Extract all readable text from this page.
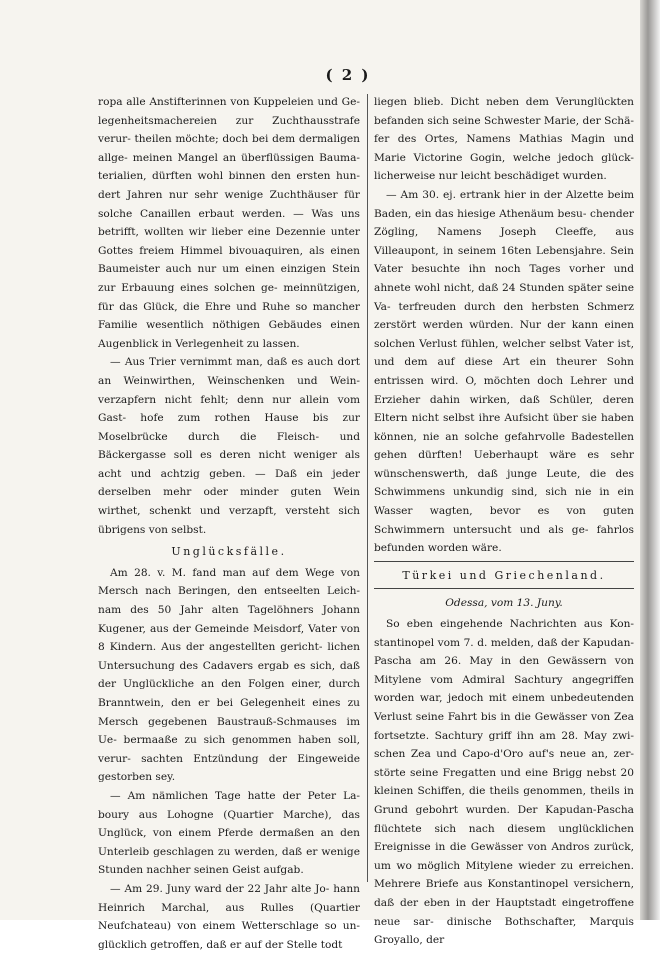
( 2 )

ropa alle Anstifterinnen von Kuppeleien und Ge- legenheitsmachereien zur Zuchthausstrafe verur- theilen möchte; doch bei dem dermaligen allge- meinen Mangel an überflüssigen Bauma- terialien, dürften wohl binnen den ersten hun- dert Jahren nur sehr wenige Zuchthäuser für solche Canaillen erbaut werden. — Was uns betrifft, wollten wir lieber eine Dezennie unter Gottes freiem Himmel bivouaquiren, als einen Baumeister auch nur um einen einzigen Stein zur Erbauung eines solchen ge- meinnützigen, für das Glück, die Ehre und Ruhe so mancher Familie wesentlich nöthigen Gebäudes einen Augenblick in Verlegenheit zu lassen.

— Aus Trier vernimmt man, daß es auch dort an Weinwirthen, Weinschenken und Wein- verzapfern nicht fehlt; denn nur allein vom Gast- hofe zum rothen Hause bis zur Moselbrücke durch die Fleisch- und Bäckergasse soll es deren nicht weniger als acht und achtzig geben. — Daß ein jeder derselben mehr oder minder guten Wein wirthet, schenkt und verzapft, versteht sich übrigens von selbst.

Unglücksfälle.

Am 28. v. M. fand man auf dem Wege von Mersch nach Beringen, den entseelten Leich- nam des 50 Jahr alten Tagelöhners Johann Kugener, aus der Gemeinde Meisdorf, Vater von 8 Kindern. Aus der angestellten gericht- lichen Untersuchung des Cadavers ergab es sich, daß der Unglückliche an den Folgen einer, durch Branntwein, den er bei Gelegenheit eines zu Mersch gegebenen Baustrauß-Schmauses im Ue- bermaaße zu sich genommen haben soll, verur- sachten Entzündung der Eingeweide gestorben sey.

— Am nämlichen Tage hatte der Peter La- boury aus Lohogne (Quartier Marche), das Unglück, von einem Pferde dermaßen an den Unterleib geschlagen zu werden, daß er wenige Stunden nachher seinen Geist aufgab.

— Am 29. Juny ward der 22 Jahr alte Jo- hann Heinrich Marchal, aus Rulles (Quartier Neufchateau) von einem Wetterschlage so un- glücklich getroffen, daß er auf der Stelle todt

liegen blieb. Dicht neben dem Verunglückten befanden sich seine Schwester Marie, der Schä- fer des Ortes, Namens Mathias Magin und Marie Victorine Gogin, welche jedoch glück- licherweise nur leicht beschädiget wurden.

— Am 30. ej. ertrank hier in der Alzette beim Baden, ein das hiesige Athenäum besu- chender Zögling, Namens Joseph Cleeffe, aus Villeaupont, in seinem 16ten Lebensjahre. Sein Vater besuchte ihn noch Tages vorher und ahnete wohl nicht, daß 24 Stunden später seine Va- terfreuden durch den herbsten Schmerz zerstört werden würden. Nur der kann einen solchen Verlust fühlen, welcher selbst Vater ist, und dem auf diese Art ein theurer Sohn entrissen wird. O, möchten doch Lehrer und Erzieher dahin wirken, daß Schüler, deren Eltern nicht selbst ihre Aufsicht über sie haben können, nie an solche gefahrvolle Badestellen gehen dürften! Ueberhaupt wäre es sehr wünschenswerth, daß junge Leute, die des Schwimmens unkundig sind, sich nie in ein Wasser wagten, bevor es von guten Schwimmern untersucht und als ge- fahrlos befunden worden wäre.

Türkei und Griechenland.
Odessa, vom 13. Juny.

So eben eingehende Nachrichten aus Kon- stantinopel vom 7. d. melden, daß der Kapudan- Pascha am 26. May in den Gewässern von Mitylene vom Admiral Sachtury angegriffen worden war, jedoch mit einem unbedeutenden Verlust seine Fahrt bis in die Gewässer von Zea fortsetzte. Sachtury griff ihn am 28. May zwi- schen Zea und Capo-d'Oro auf's neue an, zer- störte seine Fregatten und eine Brigg nebst 20 kleinen Schiffen, die theils genommen, theils in Grund gebohrt wurden. Der Kapudan-Pascha flüchtete sich nach diesem unglücklichen Ereignisse in die Gewässer von Andros zurück, um wo möglich Mitylene wieder zu erreichen. Mehrere Briefe aus Konstantinopel versichern, daß der eben in der Hauptstadt eingetroffene neue sar- dinische Bothschafter, Marquis Groyallo, der
